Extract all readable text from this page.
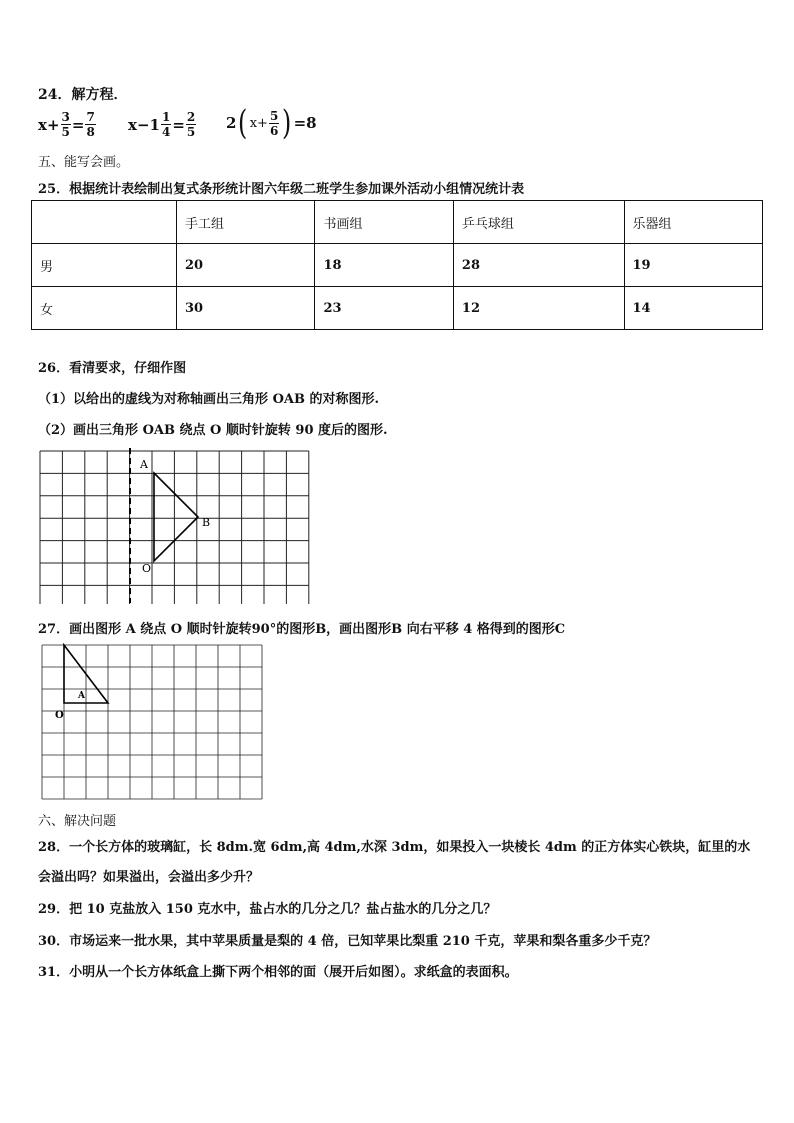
24．解方程．
$x+ \frac{3}{5} = \frac{7}{8} x-1 \frac{1}{4} = \frac{2}{5} 2$ ( $x+ \frac{5}{6}$ ) =8
五、能写会画。
25．根据统计表绘制出复式条形统计图六年级二班学生参加课外活动小组情况统计表
	手工组	书画组	乒乓球组	乐器组
男	20	18	28	19
女	30	23	12	14
26．看清要求，仔细作图
（1）以给出的虚线为对称轴画出三角形 OAB 的对称图形.
（2）画出三角形 OAB 绕点 O 顺时针旋转 90 度后的图形.
A
B
O
27．画出图形 A 绕点 O 顺时针旋转90°的图形B，画出图形B 向右平移 4 格得到的图形C
A
O
六、解决问题
28．一个长方体的玻璃缸，长 8dm.宽 6dm,高 4dm,水深 3dm，如果投入一块棱长 4dm 的正方体实心铁块，缸里的水
会溢出吗？如果溢出，会溢出多少升？
29．把 10 克盐放入 150 克水中，盐占水的几分之几？盐占盐水的几分之几？
30．市场运来一批水果，其中苹果质量是梨的 4 倍，已知苹果比梨重 210 千克，苹果和梨各重多少千克？
31．小明从一个长方体纸盒上撕下两个相邻的面（展开后如图）。求纸盒的表面积。
